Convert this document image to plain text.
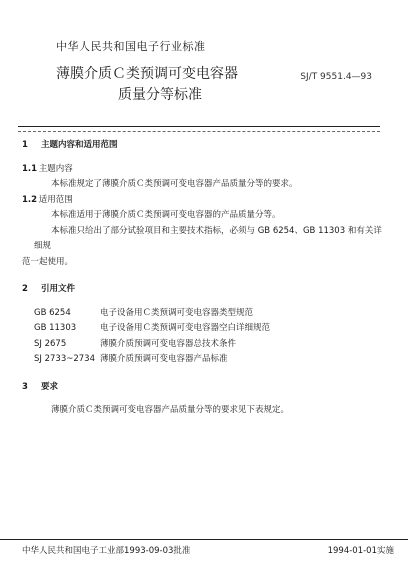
中华人民共和国电子行业标准
薄膜介质Ｃ类预调可变电容器
质量分等标准
SJ/T 9551.4—93
1 主题内容和适用范围
1.1 主题内容
本标准规定了薄膜介质Ｃ类预调可变电容器产品质量分等的要求。
1.2 适用范围
本标准适用于薄膜介质Ｃ类预调可变电容器的产品质量分等。
本标准只给出了部分试验项目和主要技术指标，必须与 GB 6254、GB 11303 和有关详细规
范一起使用。
2 引用文件
GB 6254	电子设备用Ｃ类预调可变电容器类型规范
GB 11303	电子设备用Ｃ类预调可变电容器空白详细规范
SJ 2675	薄膜介质预调可变电容器总技术条件
SJ 2733~2734 薄膜介质预调可变电容器产品标准
3 要求
薄膜介质Ｃ类预调可变电容器产品质量分等的要求见下表规定。
中华人民共和国电子工业部1993-09-03批准	1994-01-01实施
